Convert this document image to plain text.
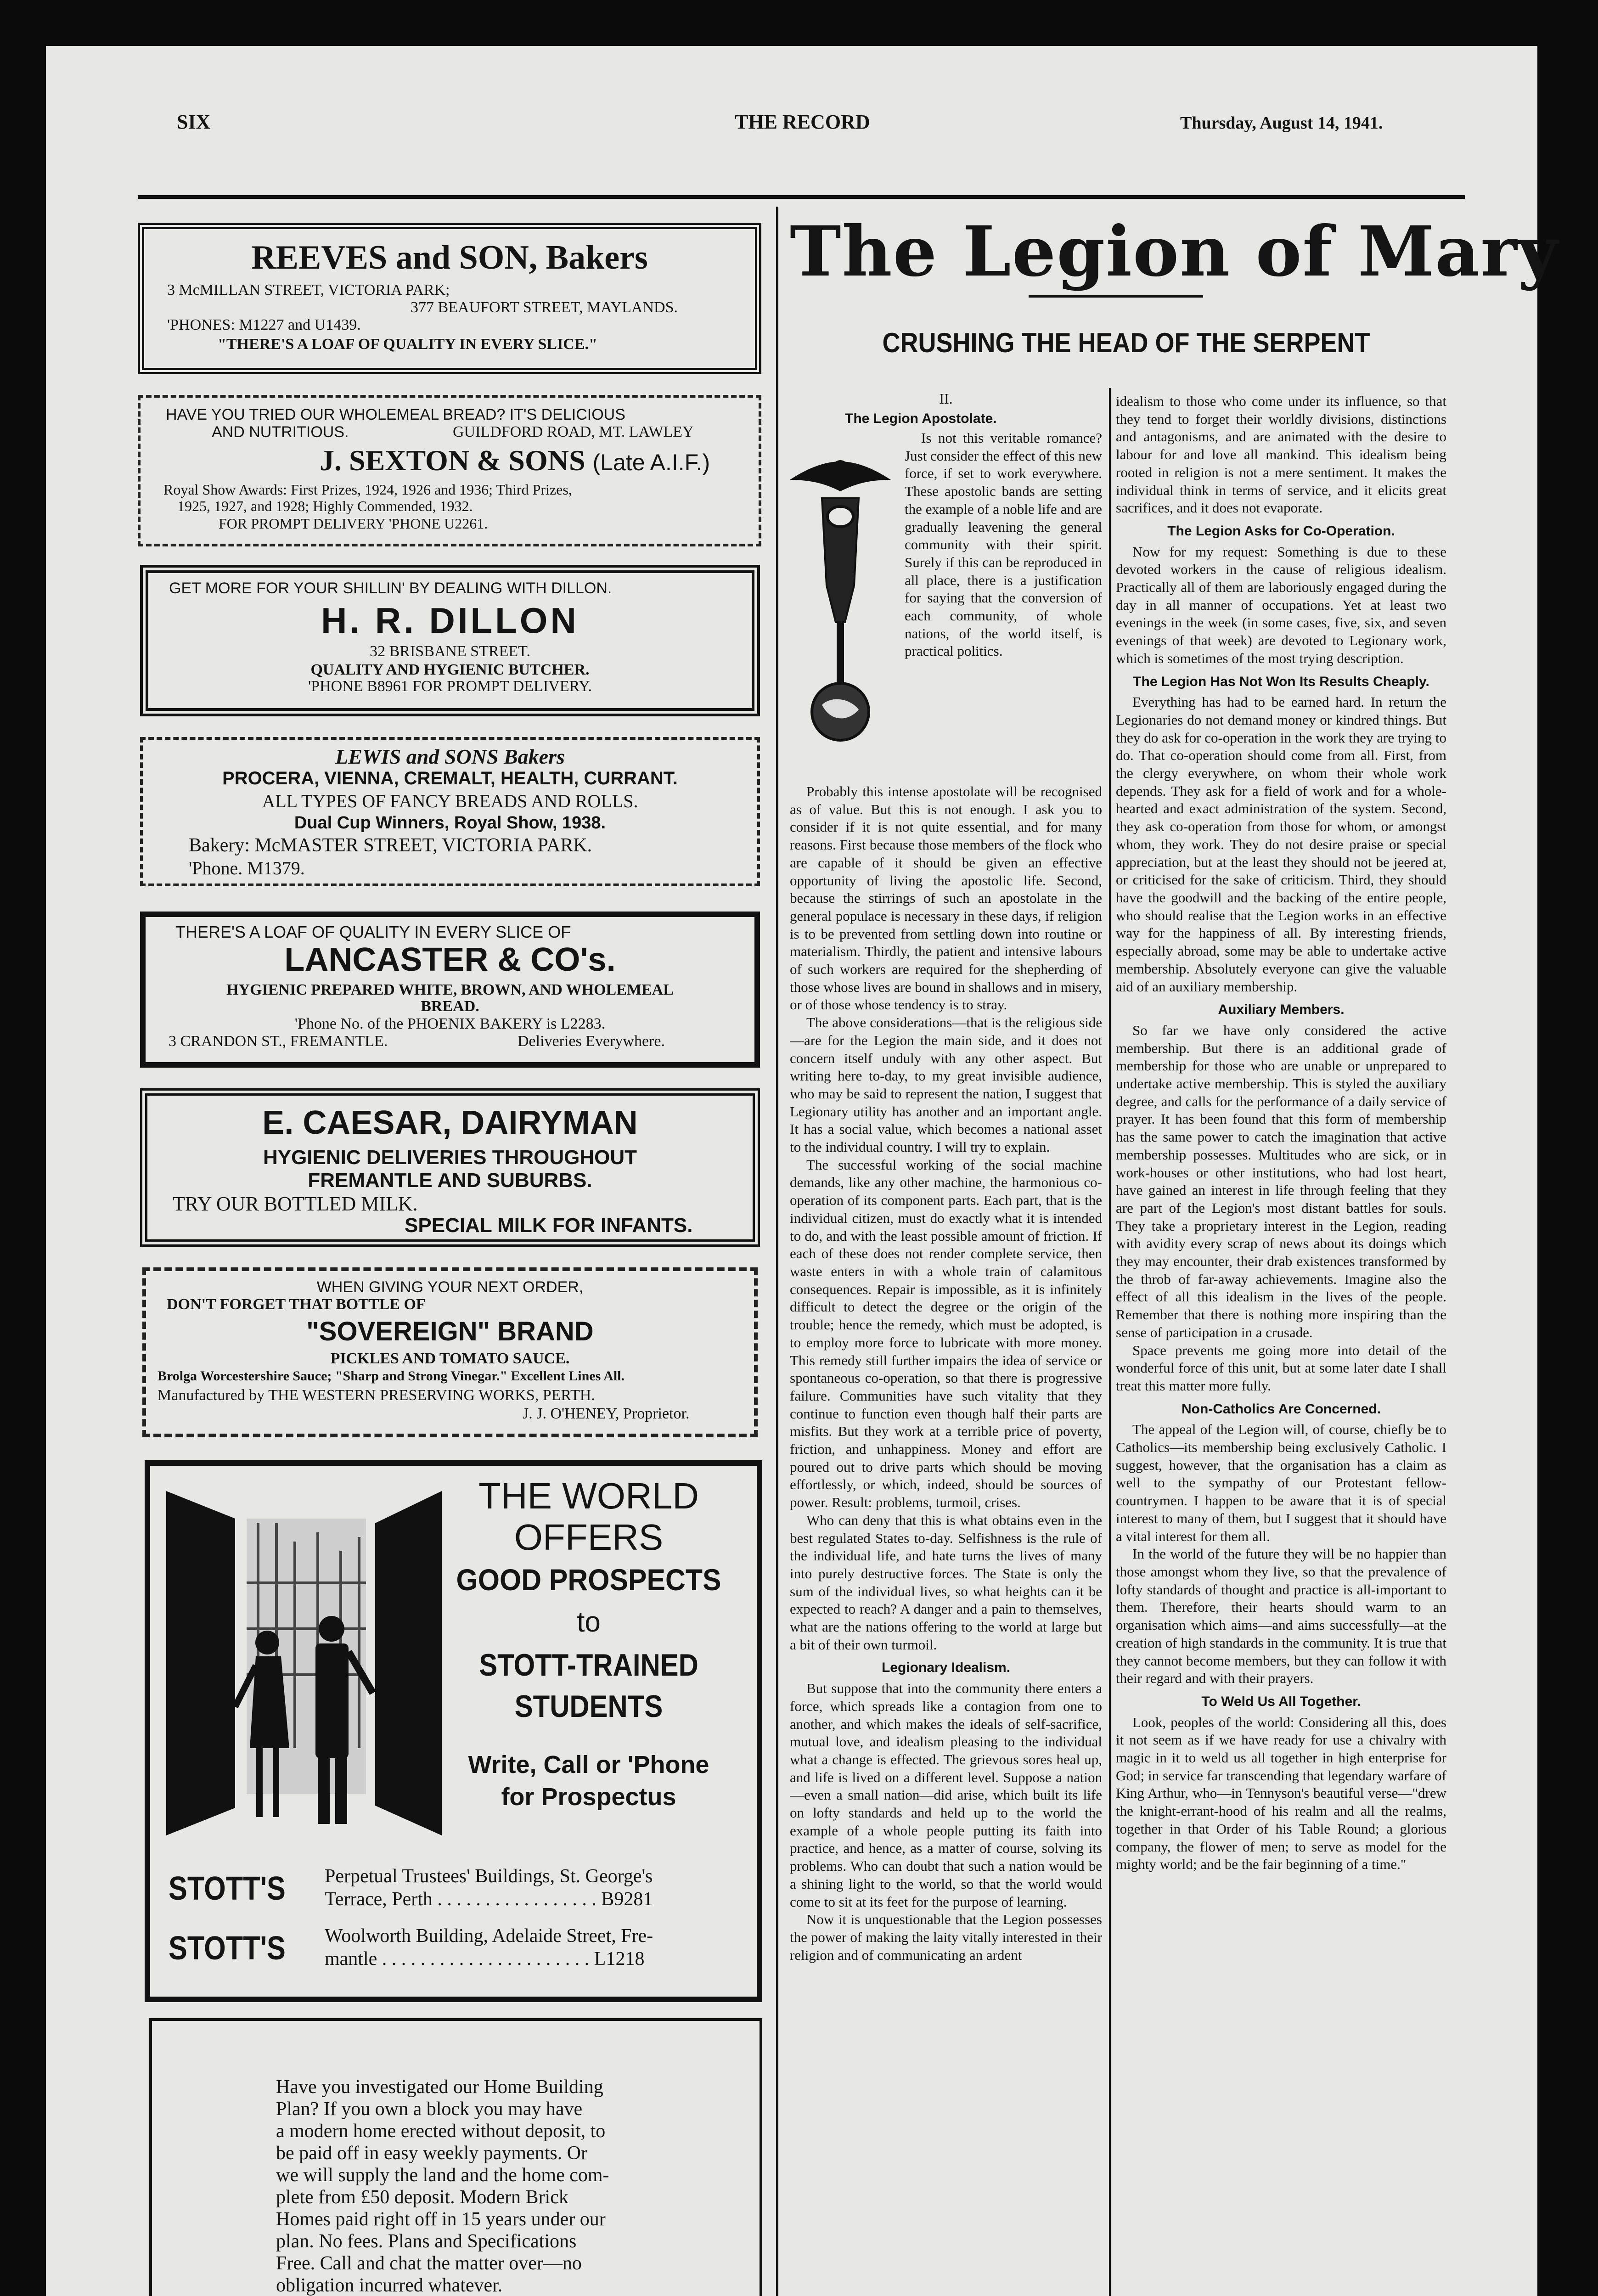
SIX	THE RECORD	Thursday, August 14, 1941.
REEVES and SON, Bakers
3 McMILLAN STREET, VICTORIA PARK;
377 BEAUFORT STREET, MAYLANDS.
'PHONES: M1227 and U1439.
"THERE'S A LOAF OF QUALITY IN EVERY SLICE."
HAVE YOU TRIED OUR WHOLEMEAL BREAD? IT'S DELICIOUS
AND NUTRITIOUS.	GUILDFORD ROAD, MT. LAWLEY
J. SEXTON & SONS (Late A.I.F.)
Royal Show Awards: First Prizes, 1924, 1926 and 1936; Third Prizes,
1925, 1927, and 1928; Highly Commended, 1932.
FOR PROMPT DELIVERY 'PHONE U2261.
GET MORE FOR YOUR SHILLIN' BY DEALING WITH DILLON.
H. R. DILLON
32 BRISBANE STREET.
QUALITY AND HYGIENIC BUTCHER.
'PHONE B8961 FOR PROMPT DELIVERY.
LEWIS and SONS Bakers
PROCERA, VIENNA, CREMALT, HEALTH, CURRANT.
ALL TYPES OF FANCY BREADS AND ROLLS.
Dual Cup Winners, Royal Show, 1938.
Bakery: McMASTER STREET, VICTORIA PARK.
'Phone. M1379.
THERE'S A LOAF OF QUALITY IN EVERY SLICE OF
LANCASTER & CO's.
HYGIENIC PREPARED WHITE, BROWN, AND WHOLEMEAL
BREAD.
'Phone No. of the PHOENIX BAKERY is L2283.
3 CRANDON ST., FREMANTLE.	Deliveries Everywhere.
E. CAESAR, DAIRYMAN
HYGIENIC DELIVERIES THROUGHOUT
FREMANTLE AND SUBURBS.
TRY OUR BOTTLED MILK.
SPECIAL MILK FOR INFANTS.
WHEN GIVING YOUR NEXT ORDER,
DON'T FORGET THAT BOTTLE OF
"SOVEREIGN" BRAND
PICKLES AND TOMATO SAUCE.
Brolga Worcestershire Sauce; "Sharp and Strong Vinegar." Excellent Lines All.
Manufactured by THE WESTERN PRESERVING WORKS, PERTH.
J. J. O'HENEY, Proprietor.
THE WORLD
OFFERS
GOOD PROSPECTS
to
STOTT-TRAINED
STUDENTS
Write, Call or 'Phone
for Prospectus
STOTT'S Perpetual Trustees' Buildings, St. George's
Terrace, Perth . . . . . . . . . . . . . . . . . B9281
STOTT'S Woolworth Building, Adelaide Street, Fre-
mantle . . . . . . . . . . . . . . . . . . . . . . L1218
Have you investigated our Home Building
Plan? If you own a block you may have
a modern home erected without deposit, to
be paid off in easy weekly payments. Or
we will supply the land and the home com-
plete from £50 deposit. Modern Brick
Homes paid right off in 15 years under our
plan. No fees. Plans and Specifications
Free. Call and chat the matter over—no
obligation incurred whatever.
The Legion of Mary
CRUSHING THE HEAD OF THE SERPENT
II.
The Legion Apostolate.

Is not this veritable romance? Just consider the effect of this new force, if set to work everywhere. These apostolic bands are setting the example of a noble life and are gradually leavening the general community with their spirit. Surely if this can be reproduced in all place, there is a justification for saying that the conversion of each community, of whole nations, of the world itself, is practical politics.

Probably this intense apostolate will be recognised as of value. But this is not enough. I ask you to consider if it is not quite essential, and for many reasons. First because those members of the flock who are capable of it should be given an effective opportunity of living the apostolic life. Second, because the stirrings of such an apostolate in the general populace is necessary in these days, if religion is to be prevented from settling down into routine or materialism. Thirdly, the patient and intensive labours of such workers are required for the shepherding of those whose lives are bound in shallows and in misery, or of those whose tendency is to stray.

The above considerations—that is the religious side—are for the Legion the main side, and it does not concern itself unduly with any other aspect. But writing here to-day, to my great invisible audience, who may be said to represent the nation, I suggest that Legionary utility has another and an important angle. It has a social value, which becomes a national asset to the individual country. I will try to explain.

The successful working of the social machine demands, like any other machine, the harmonious co-operation of its component parts. Each part, that is the individual citizen, must do exactly what it is intended to do, and with the least possible amount of friction. If each of these does not render complete service, then waste enters in with a whole train of calamitous consequences. Repair is impossible, as it is infinitely difficult to detect the degree or the origin of the trouble; hence the remedy, which must be adopted, is to employ more force to lubricate with more money. This remedy still further impairs the idea of service or spontaneous co-operation, so that there is progressive failure. Communities have such vitality that they continue to function even though half their parts are misfits. But they work at a terrible price of poverty, friction, and unhappiness. Money and effort are poured out to drive parts which should be moving effortlessly, or which, indeed, should be sources of power. Result: problems, turmoil, crises.

Who can deny that this is what obtains even in the best regulated States to-day. Selfishness is the rule of the individual life, and hate turns the lives of many into purely destructive forces. The State is only the sum of the individual lives, so what heights can it be expected to reach? A danger and a pain to themselves, what are the nations offering to the world at large but a bit of their own turmoil.

Legionary Idealism.

But suppose that into the community there enters a force, which spreads like a contagion from one to another, and which makes the ideals of self-sacrifice, mutual love, and idealism pleasing to the individual what a change is effected. The grievous sores heal up, and life is lived on a different level. Suppose a nation—even a small nation—did arise, which built its life on lofty standards and held up to the world the example of a whole people putting its faith into practice, and hence, as a matter of course, solving its problems. Who can doubt that such a nation would be a shining light to the world, so that the world would come to sit at its feet for the purpose of learning.

Now it is unquestionable that the Legion possesses the power of making the laity vitally interested in their religion and of communicating an ardent

idealism to those who come under its influence, so that they tend to forget their worldly divisions, distinctions and antagonisms, and are animated with the desire to labour for and love all mankind. This idealism being rooted in religion is not a mere sentiment. It makes the individual think in terms of service, and it elicits great sacrifices, and it does not evaporate.

The Legion Asks for Co-Operation.

Now for my request: Something is due to these devoted workers in the cause of religious idealism. Practically all of them are laboriously engaged during the day in all manner of occupations. Yet at least two evenings in the week (in some cases, five, six, and seven evenings of that week) are devoted to Legionary work, which is sometimes of the most trying description.

The Legion Has Not Won Its Results Cheaply.

Everything has had to be earned hard. In return the Legionaries do not demand money or kindred things. But they do ask for co-operation in the work they are trying to do. That co-operation should come from all. First, from the clergy everywhere, on whom their whole work depends. They ask for a field of work and for a whole-hearted and exact administration of the system. Second, they ask co-operation from those for whom, or amongst whom, they work. They do not desire praise or special appreciation, but at the least they should not be jeered at, or criticised for the sake of criticism. Third, they should have the goodwill and the backing of the entire people, who should realise that the Legion works in an effective way for the happiness of all. By interesting friends, especially abroad, some may be able to undertake active membership. Absolutely everyone can give the valuable aid of an auxiliary membership.

Auxiliary Members.

So far we have only considered the active membership. But there is an additional grade of membership for those who are unable or unprepared to undertake active membership. This is styled the auxiliary degree, and calls for the performance of a daily service of prayer. It has been found that this form of membership has the same power to catch the imagination that active membership possesses. Multitudes who are sick, or in work-houses or other institutions, who had lost heart, have gained an interest in life through feeling that they are part of the Legion's most distant battles for souls. They take a proprietary interest in the Legion, reading with avidity every scrap of news about its doings which they may encounter, their drab existences transformed by the throb of far-away achievements. Imagine also the effect of all this idealism in the lives of the people. Remember that there is nothing more inspiring than the sense of participation in a crusade.

Space prevents me going more into detail of the wonderful force of this unit, but at some later date I shall treat this matter more fully.

Non-Catholics Are Concerned.

The appeal of the Legion will, of course, chiefly be to Catholics—its membership being exclusively Catholic. I suggest, however, that the organisation has a claim as well to the sympathy of our Protestant fellow-countrymen. I happen to be aware that it is of special interest to many of them, but I suggest that it should have a vital interest for them all.

In the world of the future they will be no happier than those amongst whom they live, so that the prevalence of lofty standards of thought and practice is all-important to them. Therefore, their hearts should warm to an organisation which aims—and aims successfully—at the creation of high standards in the community. It is true that they cannot become members, but they can follow it with their regard and with their prayers.

To Weld Us All Together.

Look, peoples of the world: Considering all this, does it not seem as if we have ready for use a chivalry with magic in it to weld us all together in high enterprise for God; in service far transcending that legendary warfare of King Arthur, who—in Tennyson's beautiful verse—"drew the knight-errant-hood of his realm and all the realms, together in that Order of his Table Round; a glorious company, the flower of men; to serve as model for the mighty world; and be the fair beginning of a time."
